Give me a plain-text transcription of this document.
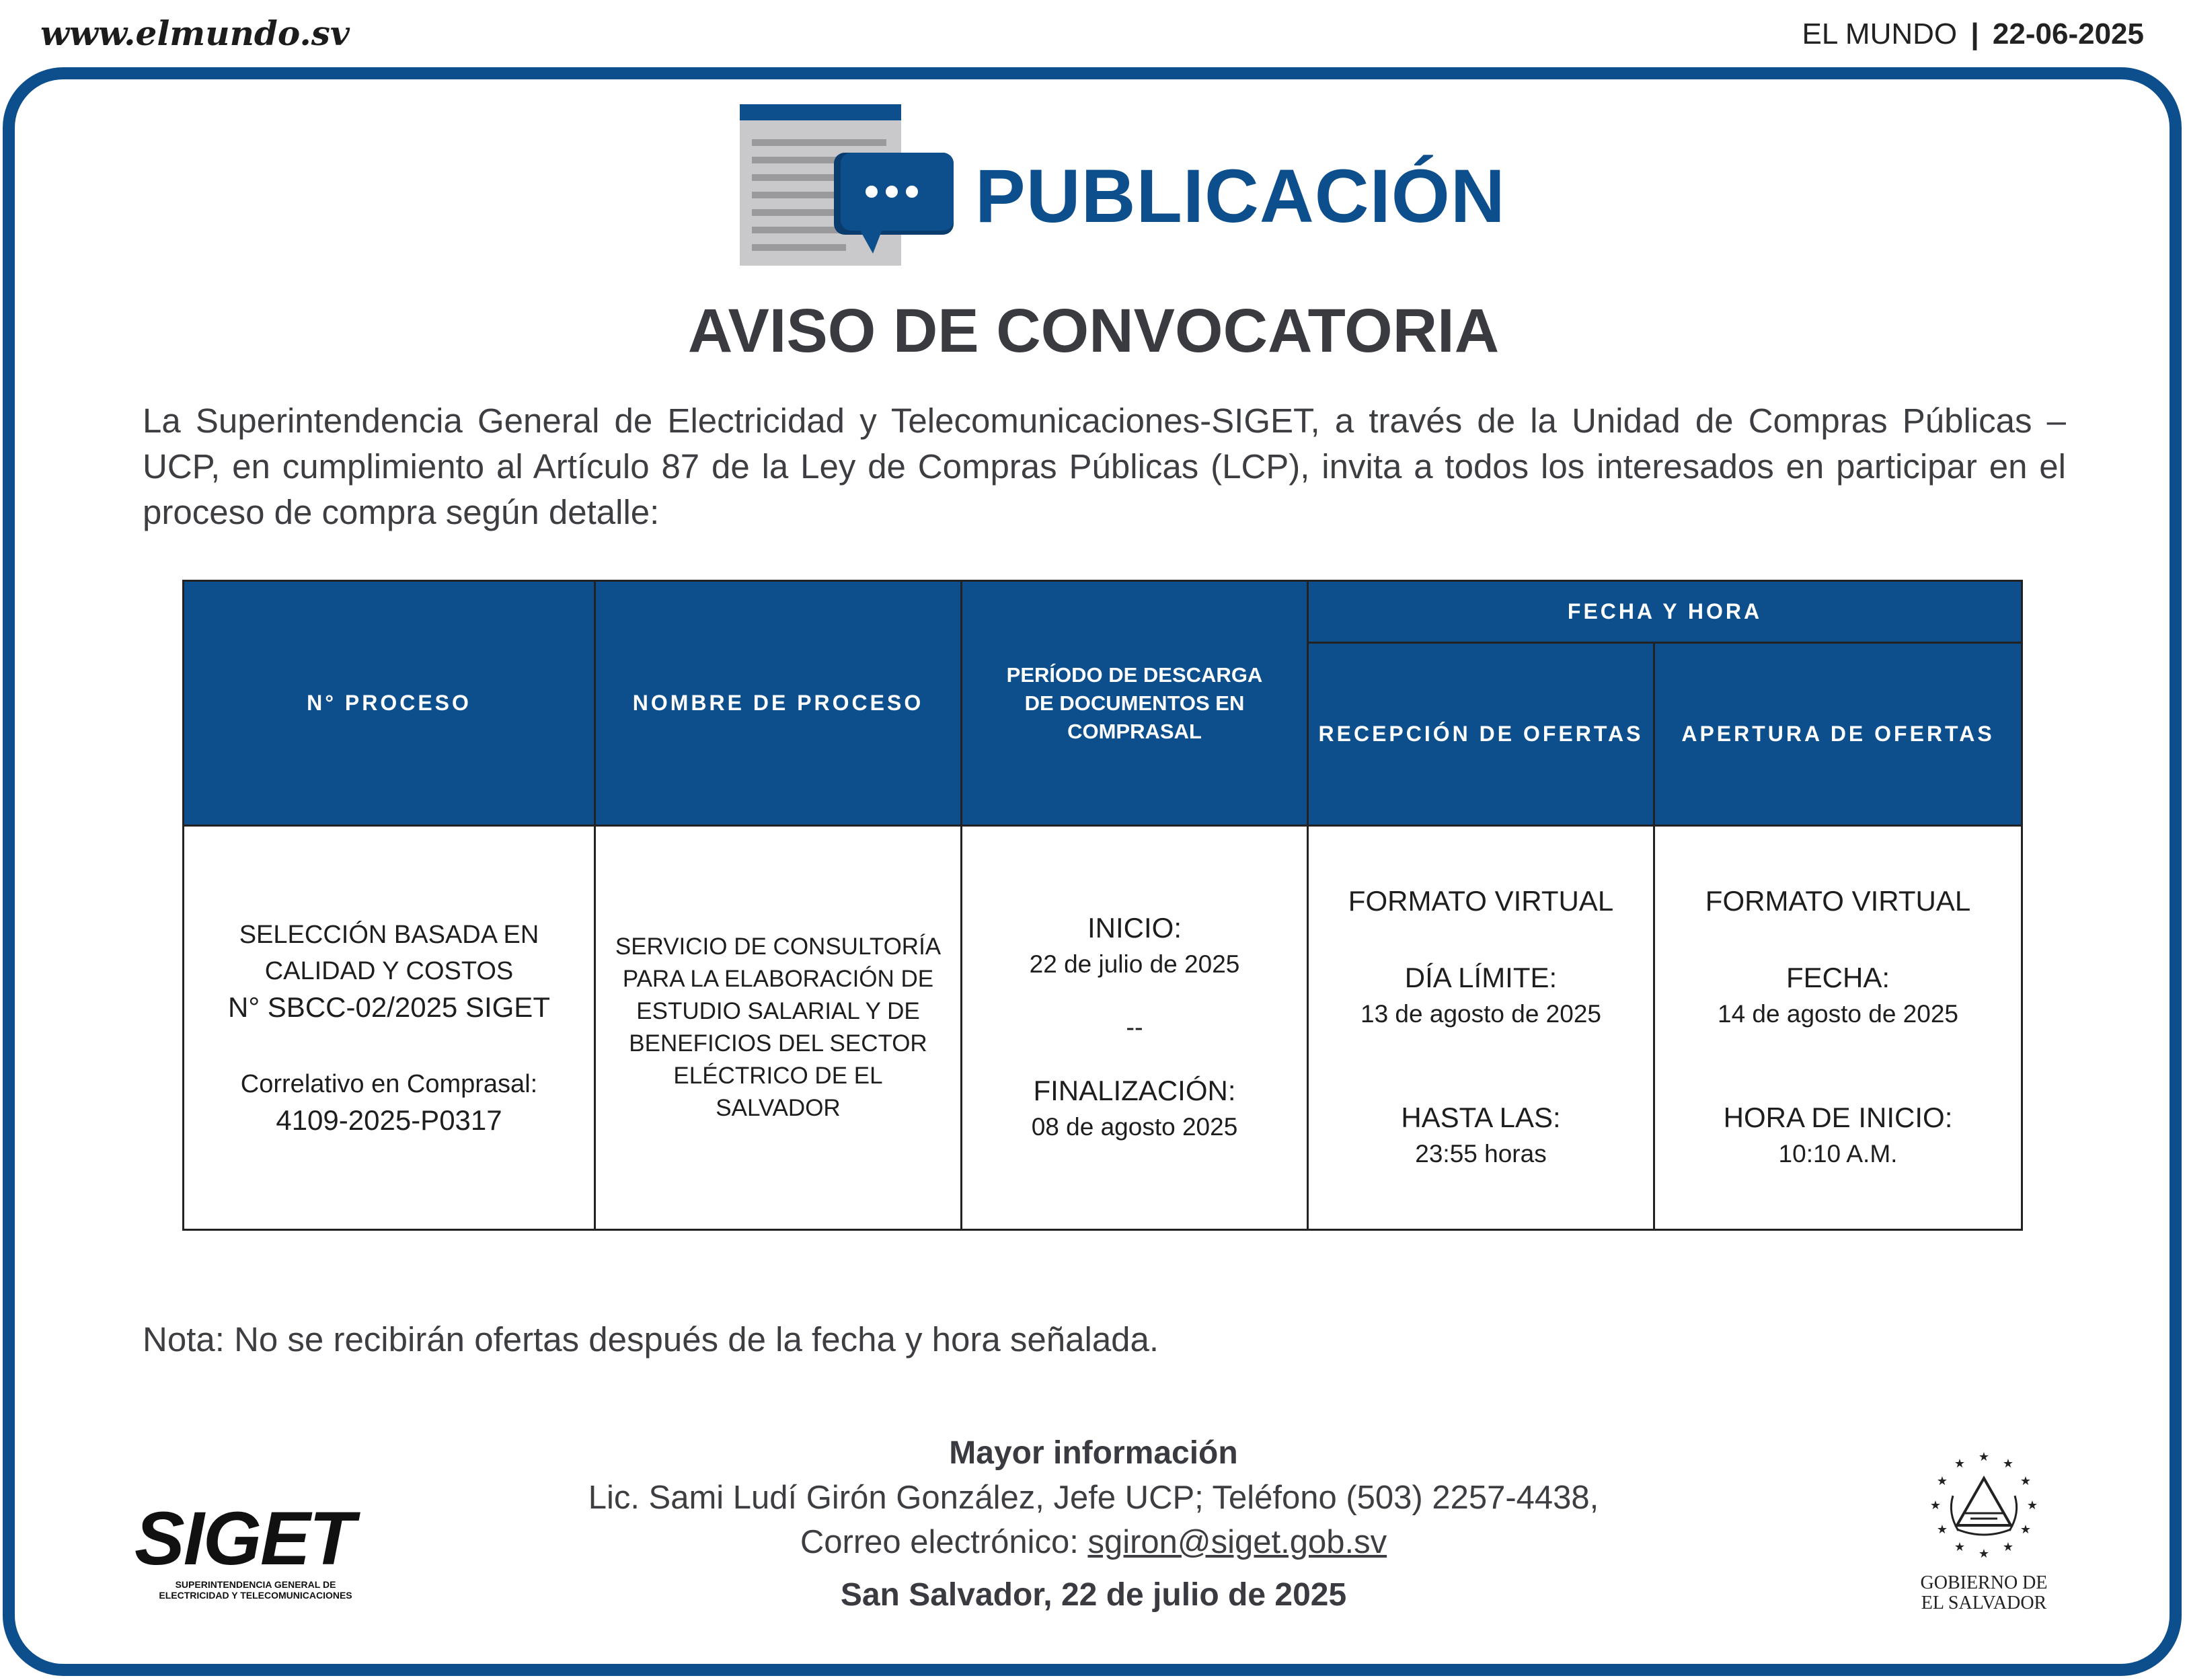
www.elmundo.sv	EL MUNDO | 22-06-2025
PUBLICACIÓN
AVISO DE CONVOCATORIA

La Superintendencia General de Electricidad y Telecomunicaciones-SIGET, a través de la Unidad de Compras Públicas – UCP, en cumplimiento al Artículo 87 de la Ley de Compras Públicas (LCP), invita a todos los interesados en participar en el proceso de compra según detalle:

N° PROCESO	NOMBRE DE PROCESO	PERÍODO DE DESCARGA DE DOCUMENTOS EN COMPRASAL	FECHA Y HORA	
			RECEPCIÓN DE OFERTAS	APERTURA DE OFERTAS

SELECCIÓN BASADA EN
CALIDAD Y COSTOS
N° SBCC-02/2025 SIGET
Correlativo en Comprasal:
4109-2025-P0317	SERVICIO DE CONSULTORÍA PARA LA ELABORACIÓN DE ESTUDIO SALARIAL Y DE BENEFICIOS DEL SECTOR ELÉCTRICO DE EL SALVADOR	INICIO:
22 de julio de 2025
--
FINALIZACIÓN:
08 de agosto 2025	FORMATO VIRTUAL
DÍA LÍMITE:
13 de agosto de 2025
HASTA LAS:
23:55 horas	FORMATO VIRTUAL
FECHA:
14 de agosto de 2025
HORA DE INICIO:
10:10 A.M.
Nota: No se recibirán ofertas después de la fecha y hora señalada.
Mayor información
Lic. Sami Ludí Girón González, Jefe UCP; Teléfono (503) 2257-4438,
Correo electrónico: sgiron@siget.gob.sv
San Salvador, 22 de julio de 2025
SIGET
SUPERINTENDENCIA GENERAL DE
ELECTRICIDAD Y TELECOMUNICACIONES
★ ★
★
★
★
★
★
★
★
★
★
★
GOBIERNO DE
EL SALVADOR
